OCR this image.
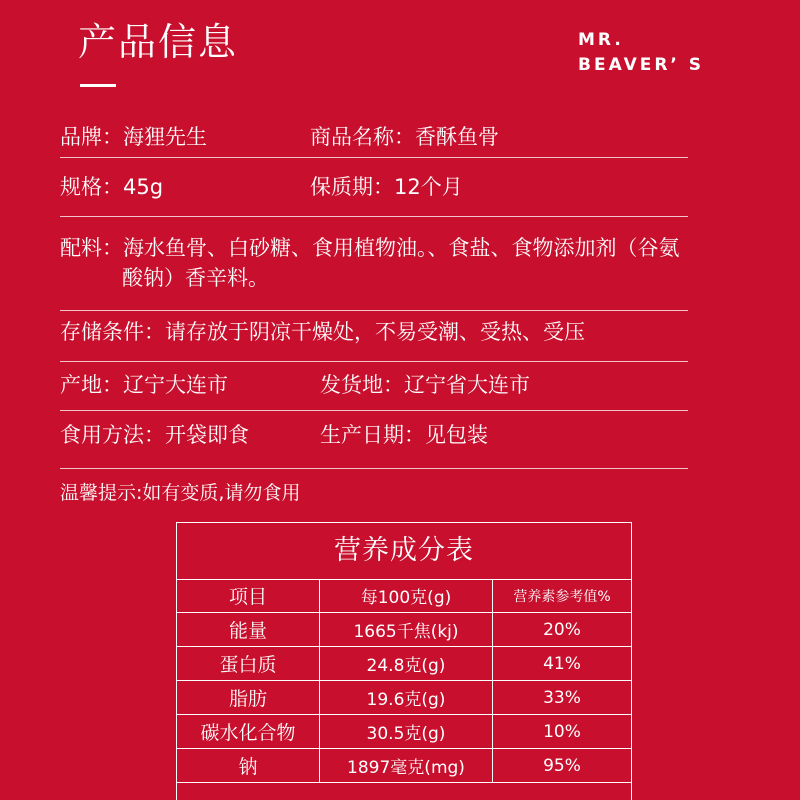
产品信息	MR.
BEAVER’ S
品牌：海狸先生	商品名称：香酥鱼骨
规格：45g	保质期：12个月
配料：海水鱼骨、白砂糖、食用植物油。、食盐、食物添加剂（谷氨
酸钠）香辛料。
存储条件：请存放于阴凉干燥处，不易受潮、受热、受压
产地：辽宁大连市	发货地：辽宁省大连市
食用方法：开袋即食	生产日期：见包装
温馨提示:如有变质,请勿食用
营养成分表
项目	每100克(g)	营养素参考值%
能量	1665千焦(kj)	20%
蛋白质	24.8克(g)	41%
脂肪	19.6克(g)	33%
碳水化合物	30.5克(g)	10%
钠	1897毫克(mg)	95%
